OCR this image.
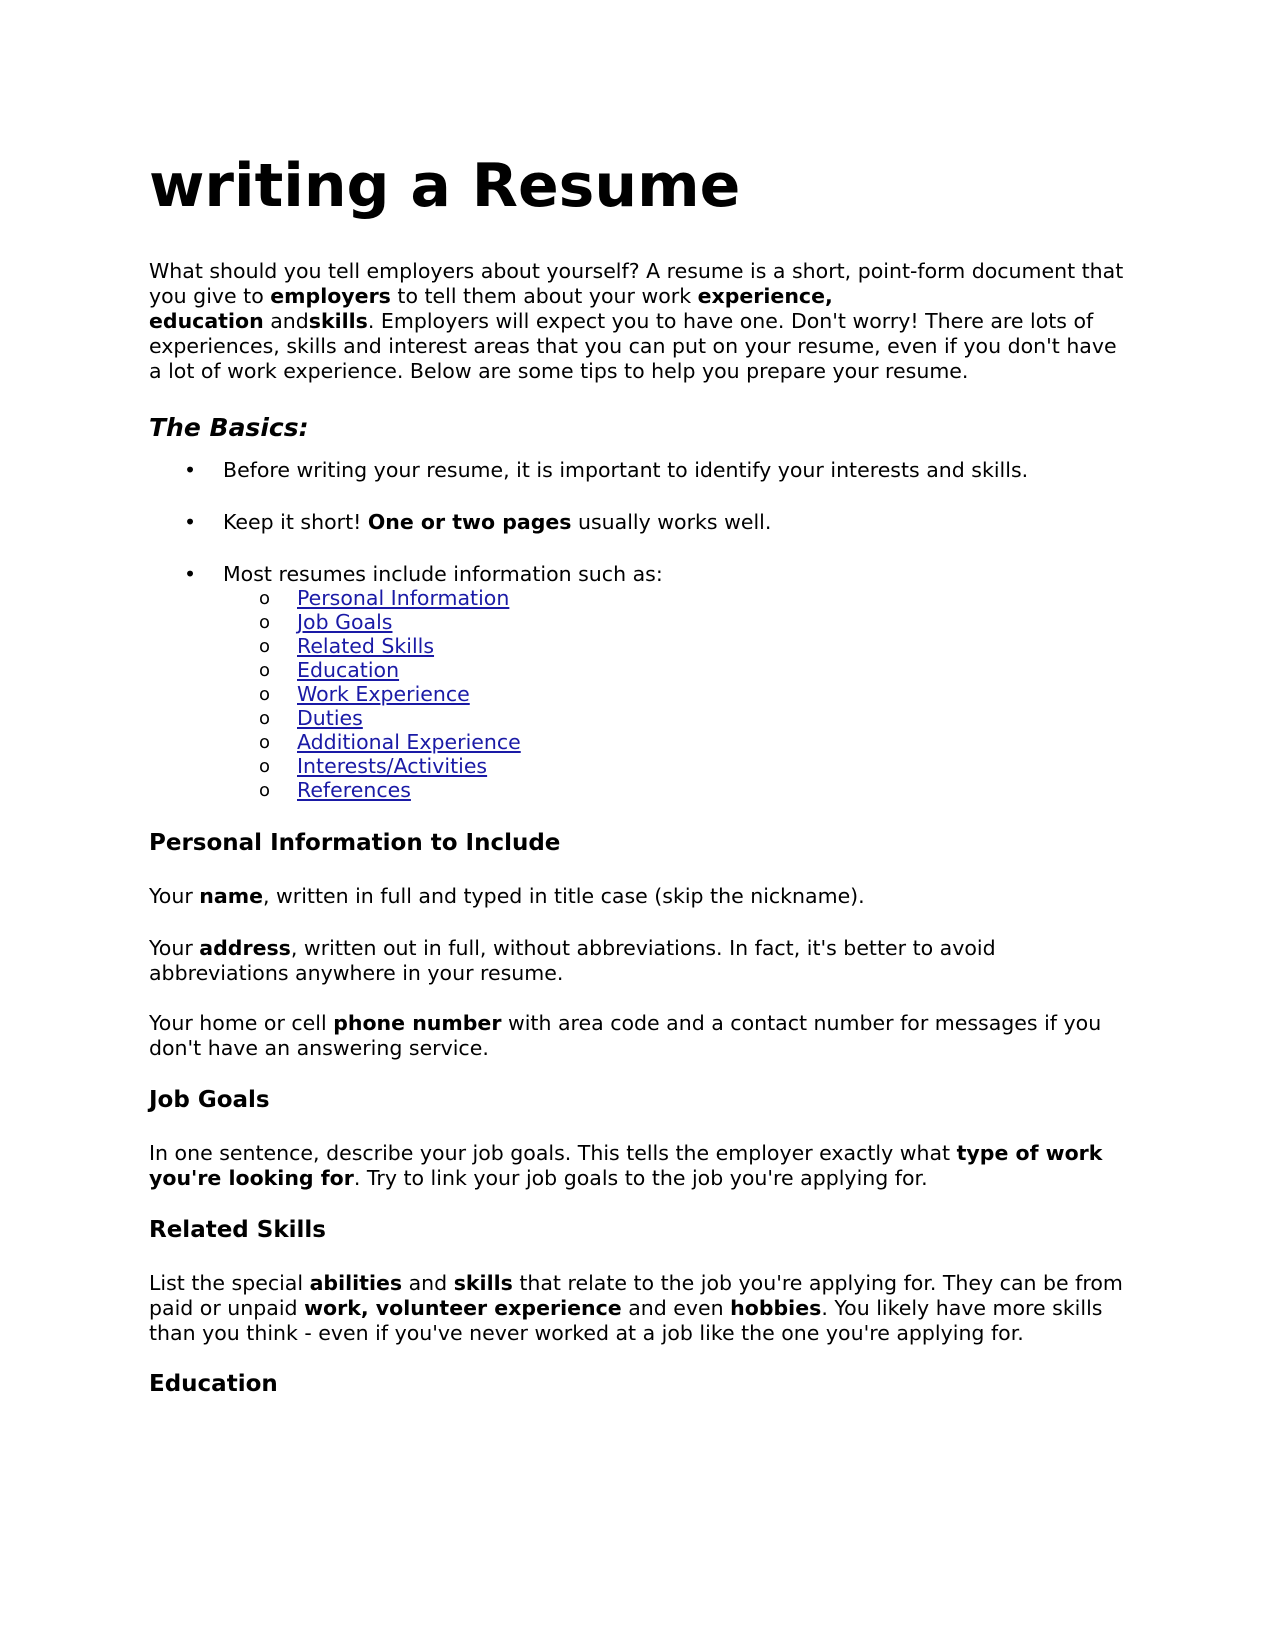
writing a Resume

What should you tell employers about yourself? A resume is a short, point-form document that you give to employers to tell them about your work experience,
education andskills. Employers will expect you to have one. Don't worry! There are lots of experiences, skills and interest areas that you can put on your resume, even if you don't have a lot of work experience. Below are some tips to help you prepare your resume.

The Basics:
• Before writing your resume, it is important to identify your interests and skills.
• Keep it short! One or two pages usually works well.
• Most resumes include information such as:
o Personal Information
o Job Goals
o Related Skills
o Education
o Work Experience
o Duties
o Additional Experience
o Interests/Activities
o References
Personal Information to Include

Your name, written in full and typed in title case (skip the nickname).

Your address, written out in full, without abbreviations. In fact, it's better to avoid abbreviations anywhere in your resume.

Your home or cell phone number with area code and a contact number for messages if you don't have an answering service.

Job Goals

In one sentence, describe your job goals. This tells the employer exactly what type of work you're looking for. Try to link your job goals to the job you're applying for.

Related Skills

List the special abilities and skills that relate to the job you're applying for. They can be from paid or unpaid work, volunteer experience and even hobbies. You likely have more skills than you think - even if you've never worked at a job like the one you're applying for.

Education
